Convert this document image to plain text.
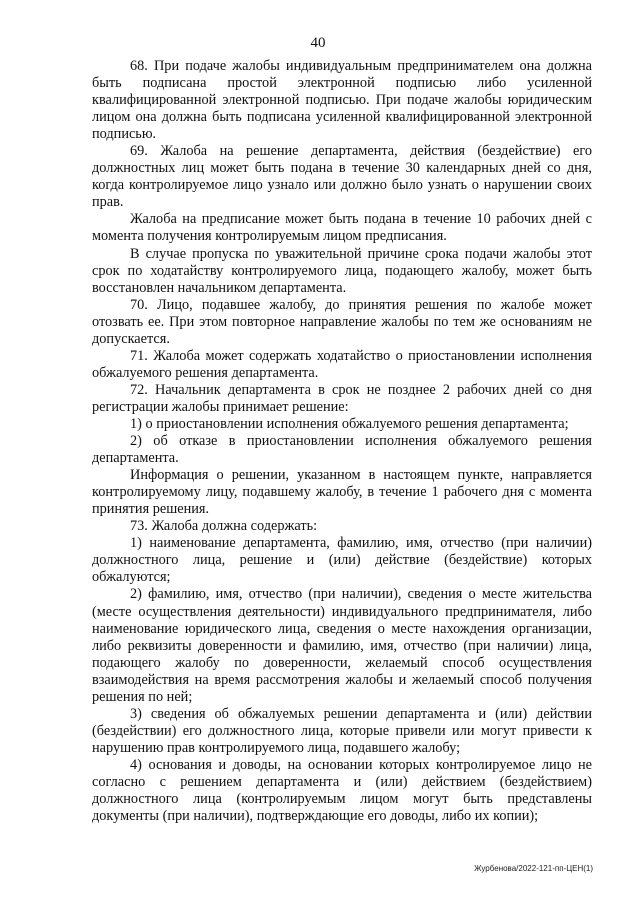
40

68. При подаче жалобы индивидуальным предпринимателем она должна быть подписана простой электронной подписью либо усиленной квалифицированной электронной подписью. При подаче жалобы юридическим лицом она должна быть подписана усиленной квалифицированной электронной подписью.

69. Жалоба на решение департамента, действия (бездействие) его должностных лиц может быть подана в течение 30 календарных дней со дня, когда контролируемое лицо узнало или должно было узнать о нарушении своих прав.

Жалоба на предписание может быть подана в течение 10 рабочих дней с момента получения контролируемым лицом предписания.

В случае пропуска по уважительной причине срока подачи жалобы этот срок по ходатайству контролируемого лица, подающего жалобу, может быть восстановлен начальником департамента.

70. Лицо, подавшее жалобу, до принятия решения по жалобе может отозвать ее. При этом повторное направление жалобы по тем же основаниям не допускается.

71. Жалоба может содержать ходатайство о приостановлении исполнения обжалуемого решения департамента.

72. Начальник департамента в срок не позднее 2 рабочих дней со дня регистрации жалобы принимает решение:

1) о приостановлении исполнения обжалуемого решения департамента;

2) об отказе в приостановлении исполнения обжалуемого решения департамента.

Информация о решении, указанном в настоящем пункте, направляется контролируемому лицу, подавшему жалобу, в течение 1 рабочего дня с момента принятия решения.

73. Жалоба должна содержать:

1) наименование департамента, фамилию, имя, отчество (при наличии) должностного лица, решение и (или) действие (бездействие) которых обжалуются;

2) фамилию, имя, отчество (при наличии), сведения о месте жительства (месте осуществления деятельности) индивидуального предпринимателя, либо наименование юридического лица, сведения о месте нахождения организации, либо реквизиты доверенности и фамилию, имя, отчество (при наличии) лица, подающего жалобу по доверенности, желаемый способ осуществления взаимодействия на время рассмотрения жалобы и желаемый способ получения решения по ней;

3) сведения об обжалуемых решении департамента и (или) действии (бездействии) его должностного лица, которые привели или могут привести к нарушению прав контролируемого лица, подавшего жалобу;

4) основания и доводы, на основании которых контролируемое лицо не согласно с решением департамента и (или) действием (бездействием) должностного лица (контролируемым лицом могут быть представлены документы (при наличии), подтверждающие его доводы, либо их копии);

Журбенова/2022-121-пп-ЦЕН(1)
